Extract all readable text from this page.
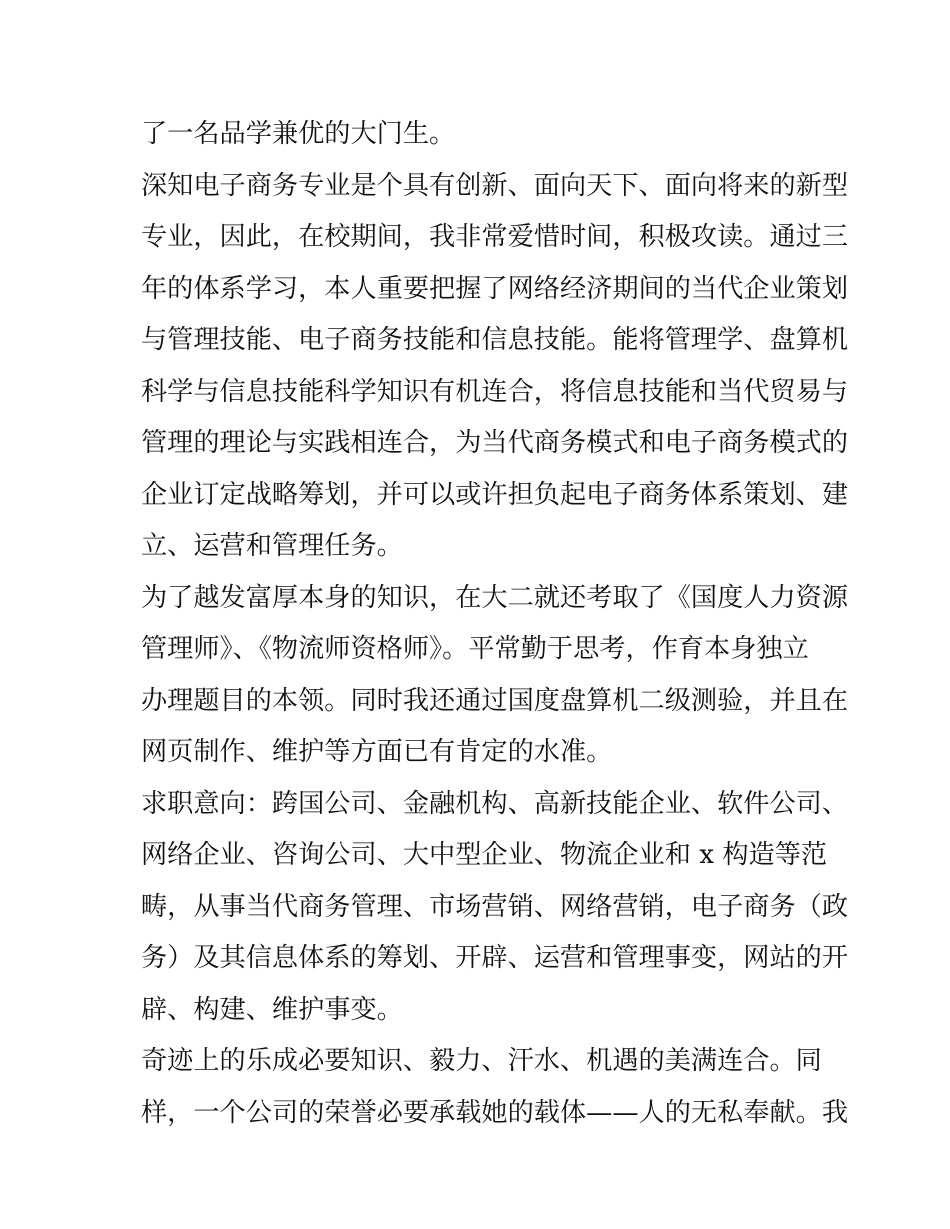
了一名品学兼优的大门生。
深知电子商务专业是个具有创新、面向天下、面向将来的新型
专业，因此，在校期间，我非常爱惜时间，积极攻读。通过三
年的体系学习，本人重要把握了网络经济期间的当代企业策划
与管理技能、电子商务技能和信息技能。能将管理学、盘算机
科学与信息技能科学知识有机连合，将信息技能和当代贸易与
管理的理论与实践相连合，为当代商务模式和电子商务模式的
企业订定战略筹划，并可以或许担负起电子商务体系策划、建
立、运营和管理任务。
为了越发富厚本身的知识，在大二就还考取了《国度人力资源
管理师》、《物流师资格师》。平常勤于思考，作育本身独立
办理题目的本领。同时我还通过国度盘算机二级测验，并且在
网页制作、维护等方面已有肯定的水准。
求职意向：跨国公司、金融机构、高新技能企业、软件公司、
网络企业、咨询公司、大中型企业、物流企业和 x 构造等范
畴，从事当代商务管理、市场营销、网络营销，电子商务（政
务）及其信息体系的筹划、开辟、运营和管理事变，网站的开
辟、构建、维护事变。
奇迹上的乐成必要知识、毅力、汗水、机遇的美满连合。同
样，一个公司的荣誉必要承载她的载体——人的无私奉献。我
